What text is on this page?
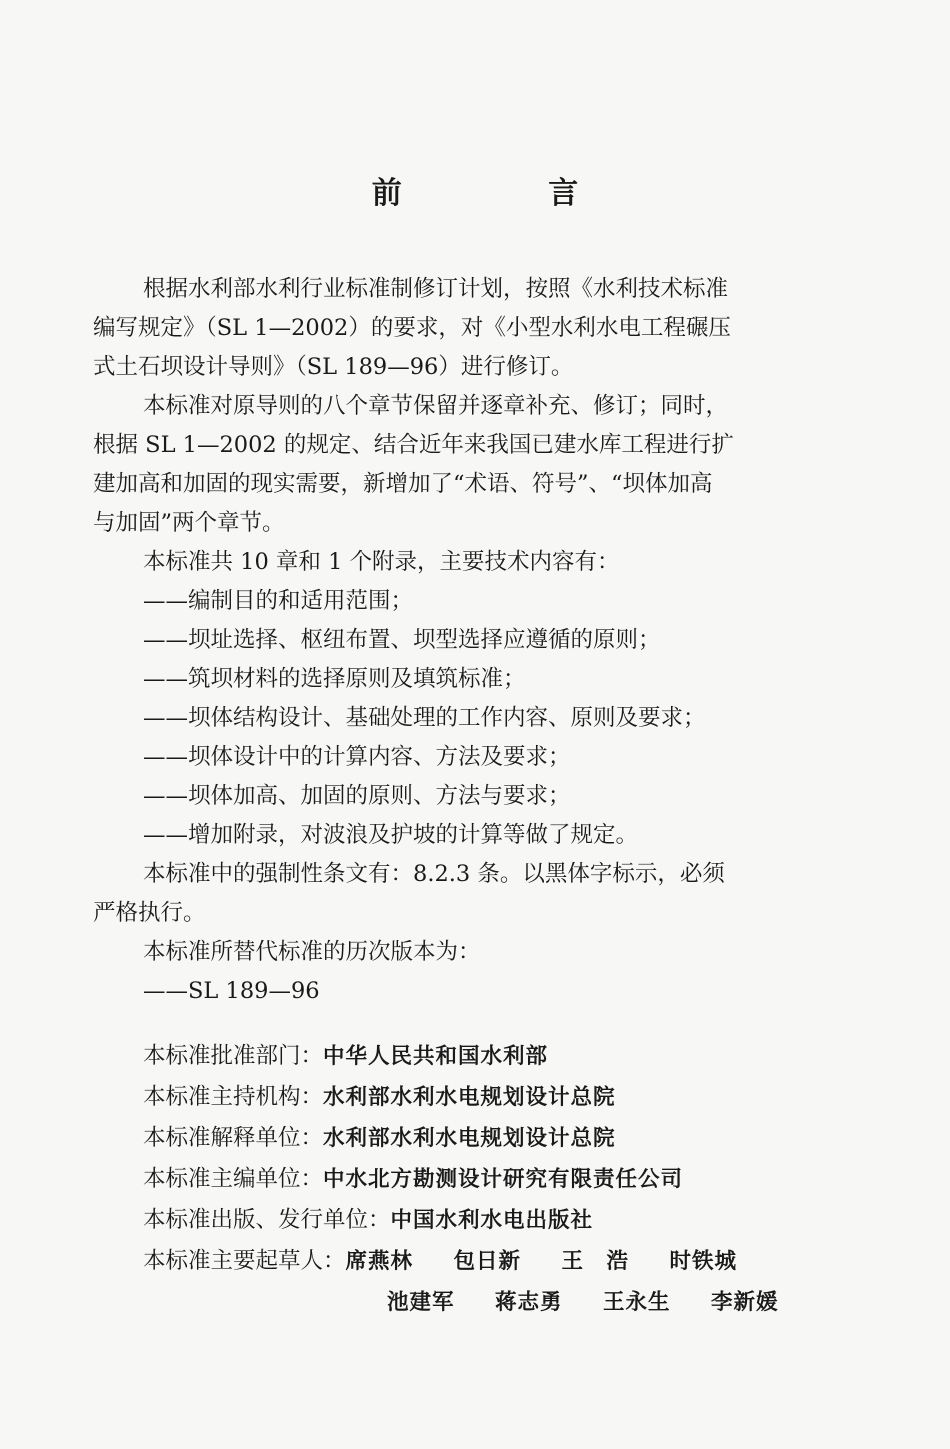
前 言
根据水利部水利行业标准制修订计划，按照《水利技术标准
编写规定》（SL 1—2002）的要求，对《小型水利水电工程碾压
式土石坝设计导则》（SL 189—96）进行修订。
本标准对原导则的八个章节保留并逐章补充、修订；同时，
根据 SL 1—2002 的规定、结合近年来我国已建水库工程进行扩
建加高和加固的现实需要，新增加了“术语、符号”、“坝体加高
与加固”两个章节。
本标准共 10 章和 1 个附录，主要技术内容有：
——编制目的和适用范围；
——坝址选择、枢纽布置、坝型选择应遵循的原则；
——筑坝材料的选择原则及填筑标准；
——坝体结构设计、基础处理的工作内容、原则及要求；
——坝体设计中的计算内容、方法及要求；
——坝体加高、加固的原则、方法与要求；
——增加附录，对波浪及护坡的计算等做了规定。
本标准中的强制性条文有：8.2.3 条。以黑体字标示，必须
严格执行。
本标准所替代标准的历次版本为：
——SL 189—96
本标准批准部门： 中华人民共和国水利部
本标准主持机构： 水利部水利水电规划设计总院
本标准解释单位： 水利部水利水电规划设计总院
本标准主编单位： 中水北方勘测设计研究有限责任公司
本标准出版、发行单位： 中国水利水电出版社
本标准主要起草人： 席燕林	包日新	王　浩	时铁城
池建军	蒋志勇	王永生	李新媛
